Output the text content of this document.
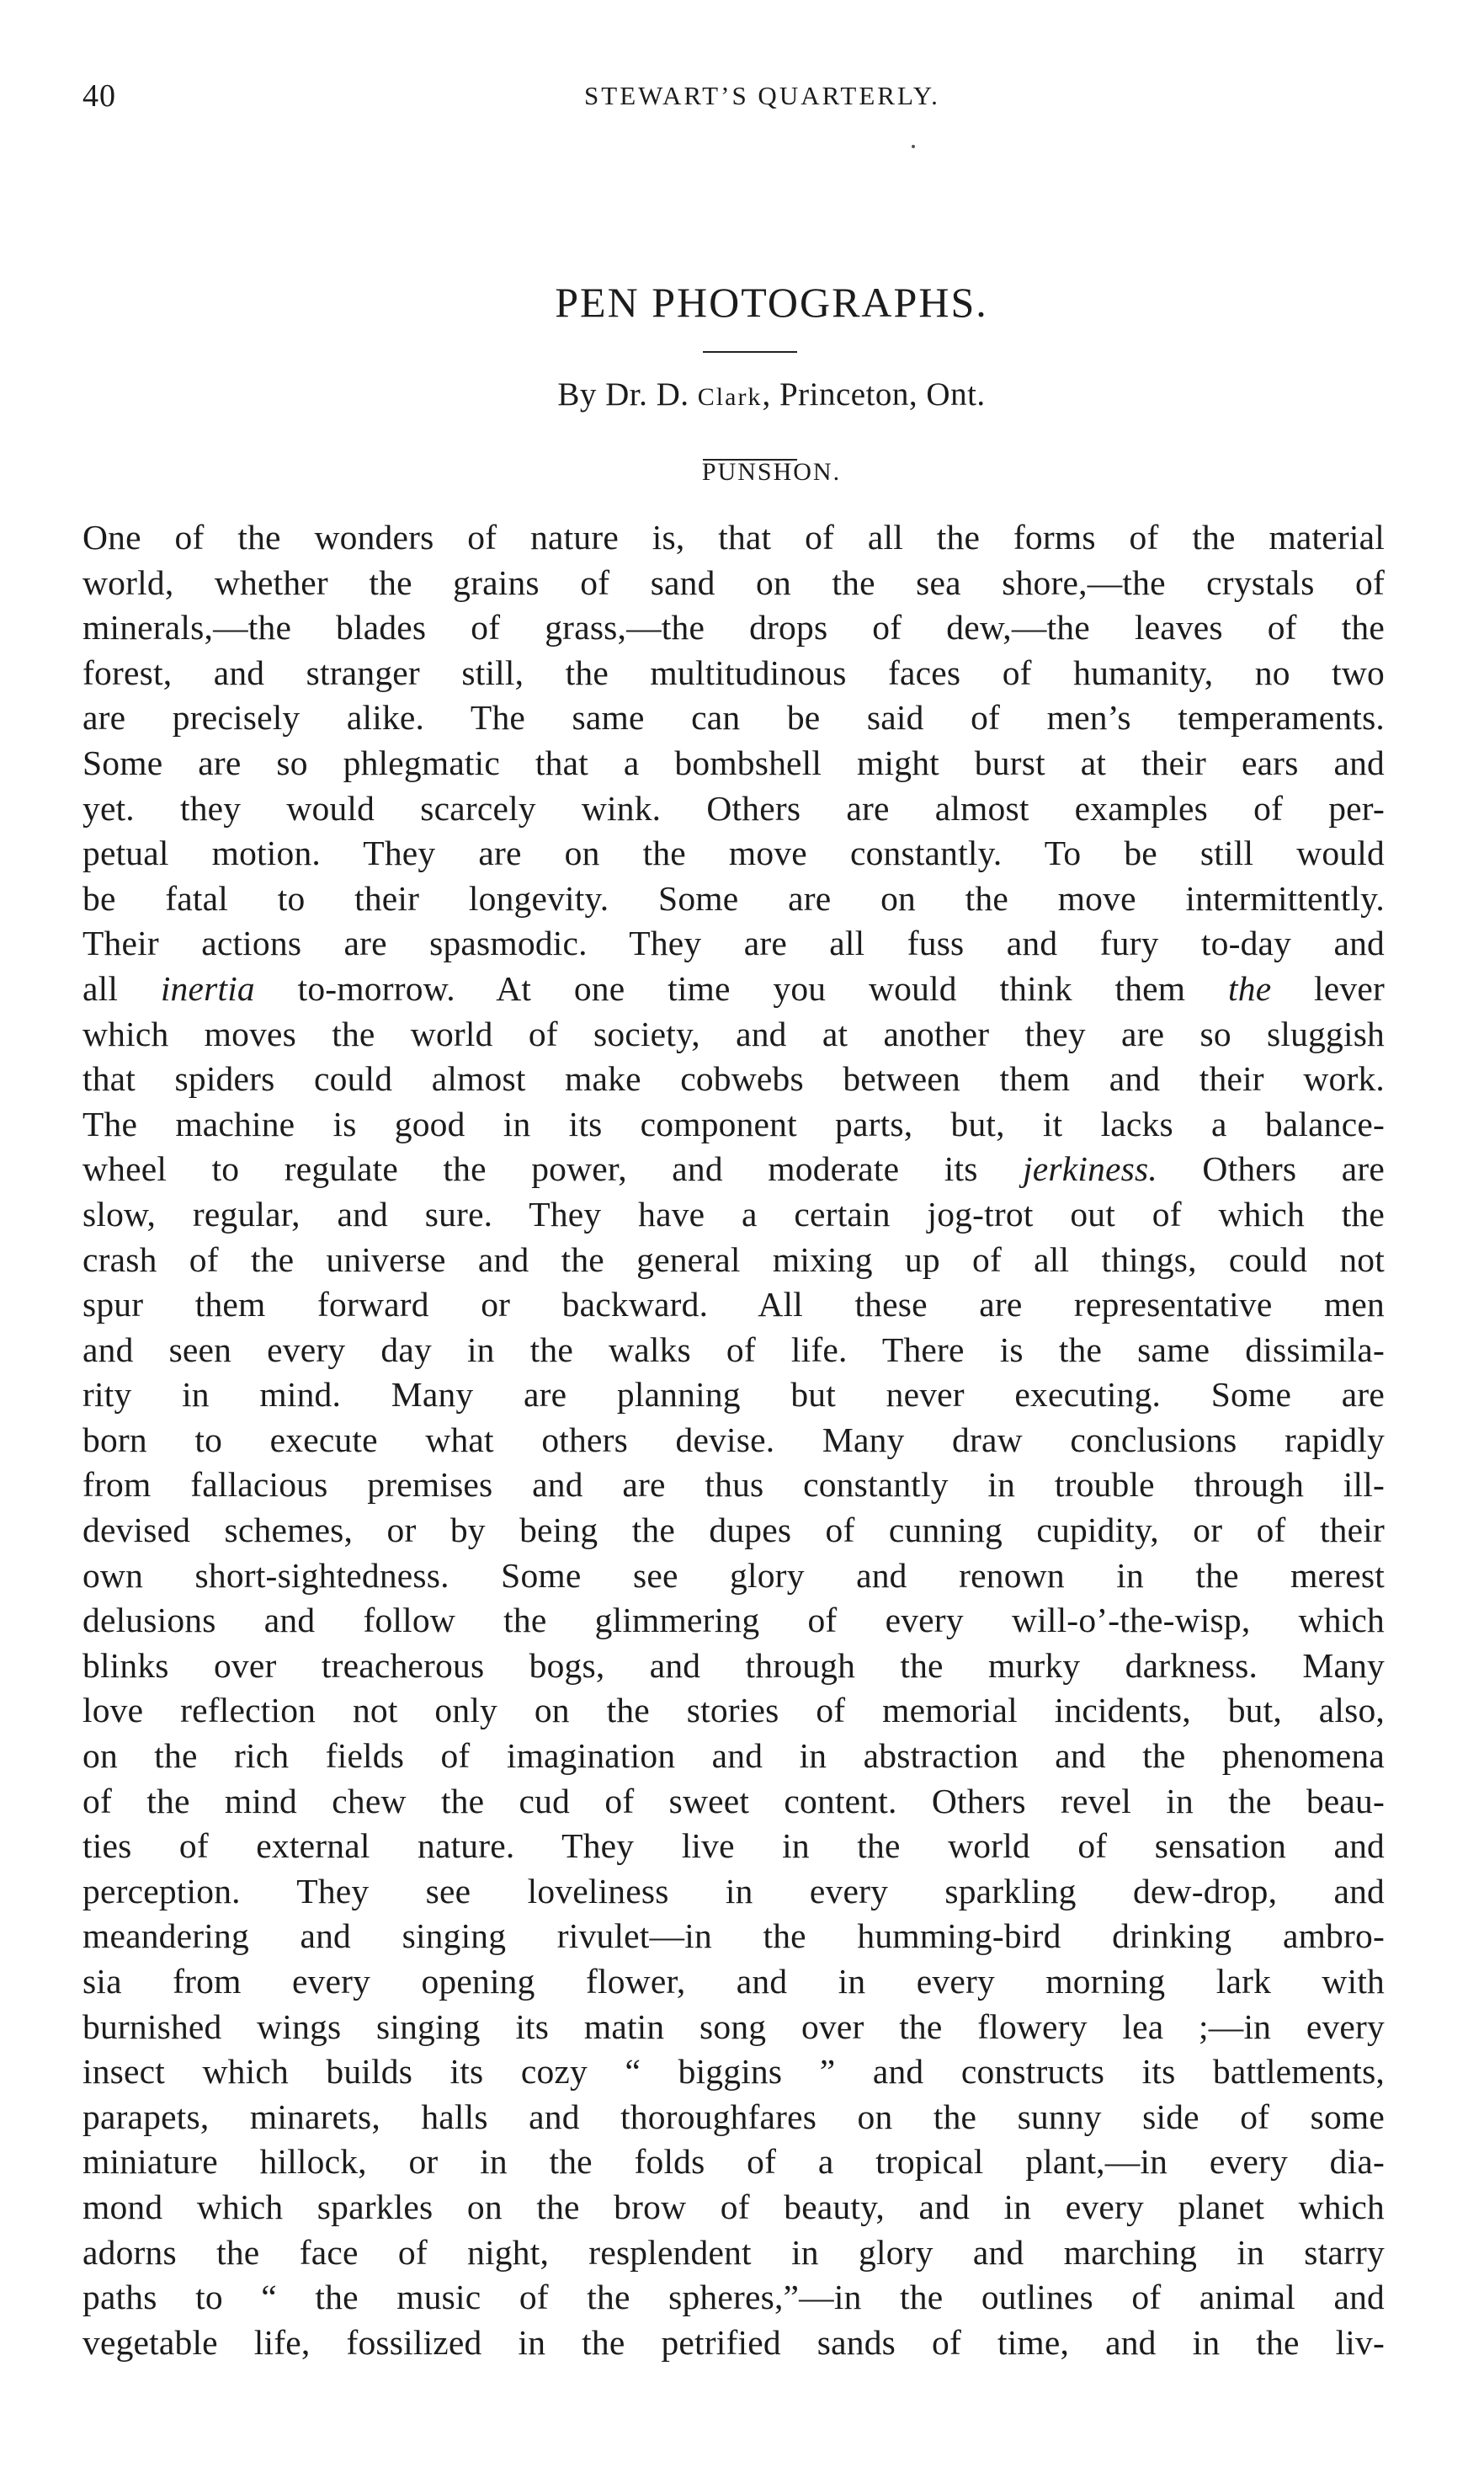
40	STEWART’S QUARTERLY.
PEN PHOTOGRAPHS.
By Dr. D. Clark, Princeton, Ont.
PUNSHON.
One of the wonders of nature is, that of all the forms of the material
world, whether the grains of sand on the sea shore,—the crystals of
minerals,—the blades of grass,—the drops of dew,—the leaves of the
forest, and stranger still, the multitudinous faces of humanity, no two
are precisely alike. The same can be said of men’s temperaments.
Some are so phlegmatic that a bombshell might burst at their ears and
yet. they would scarcely wink. Others are almost examples of per-
petual motion. They are on the move constantly. To be still would
be fatal to their longevity. Some are on the move intermittently.
Their actions are spasmodic. They are all fuss and fury to-day and
all inertia to-morrow. At one time you would think them the lever
which moves the world of society, and at another they are so sluggish
that spiders could almost make cobwebs between them and their work.
The machine is good in its component parts, but, it lacks a balance-
wheel to regulate the power, and moderate its jerkiness. Others are
slow, regular, and sure. They have a certain jog-trot out of which the
crash of the universe and the general mixing up of all things, could not
spur them forward or backward. All these are representative men
and seen every day in the walks of life. There is the same dissimila-
rity in mind. Many are planning but never executing. Some are
born to execute what others devise. Many draw conclusions rapidly
from fallacious premises and are thus constantly in trouble through ill-
devised schemes, or by being the dupes of cunning cupidity, or of their
own short-sightedness. Some see glory and renown in the merest
delusions and follow the glimmering of every will-o’-the-wisp, which
blinks over treacherous bogs, and through the murky darkness. Many
love reflection not only on the stories of memorial incidents, but, also,
on the rich fields of imagination and in abstraction and the phenomena
of the mind chew the cud of sweet content. Others revel in the beau-
ties of external nature. They live in the world of sensation and
perception. They see loveliness in every sparkling dew-drop, and
meandering and singing rivulet—in the humming-bird drinking ambro-
sia from every opening flower, and in every morning lark with
burnished wings singing its matin song over the flowery lea ;—in every
insect which builds its cozy “ biggins ” and constructs its battlements,
parapets, minarets, halls and thoroughfares on the sunny side of some
miniature hillock, or in the folds of a tropical plant,—in every dia-
mond which sparkles on the brow of beauty, and in every planet which
adorns the face of night, resplendent in glory and marching in starry
paths to “ the music of the spheres,”—in the outlines of animal and
vegetable life, fossilized in the petrified sands of time, and in the liv-
